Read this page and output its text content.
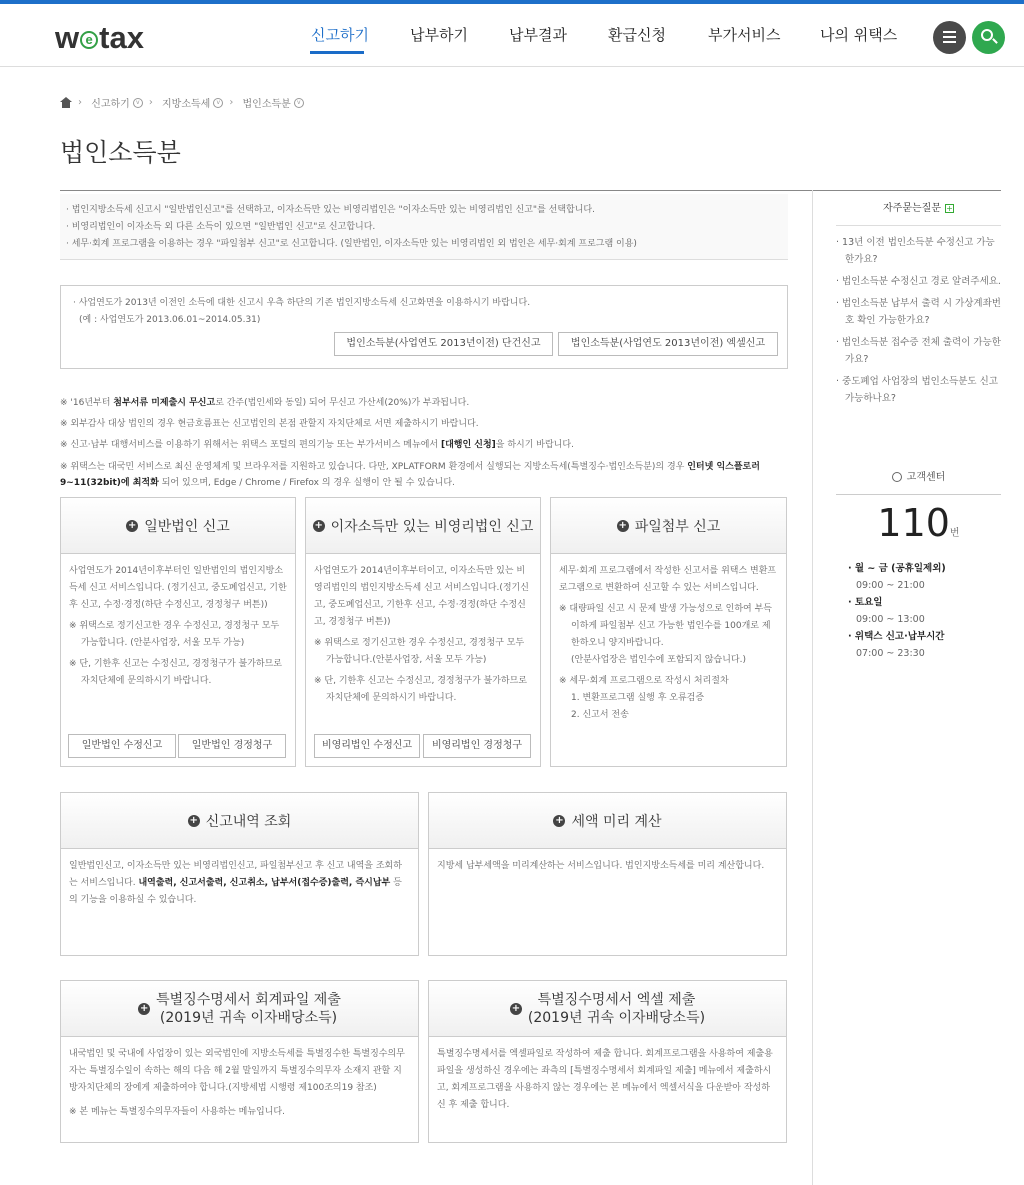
w e tax	신고하기	납부하기	납부결과	환급신청	부가서비스	나의 위택스
› 신고하기 v › 지방소득세 v › 법인소득분 v
법인소득분

· 법인지방소득세 신고시 "일반법인신고"를 선택하고, 이자소득만 있는 비영리법인은 "이자소득만 있는 비영리법인 신고"를 선택합니다.

· 비영리법인이 이자소득 외 다른 소득이 있으면 "일반법인 신고"로 신고합니다.

· 세무·회계 프로그램을 이용하는 경우 "파일첨부 신고"로 신고합니다. (일반법인, 이자소득만 있는 비영리법인 외 법인은 세무·회계 프로그램 이용)

· 사업연도가 2013년 이전인 소득에 대한 신고시 우측 하단의 기존 법인지방소득세 신고화면을 이용하시기 바랍니다.

(예 : 사업연도가 2013.06.01~2014.05.31)

법인소득분(사업연도 2013년이전) 단건신고	법인소득분(사업연도 2013년이전) 엑셀신고

※ '16년부터 첨부서류 미제출시 무신고로 간주(법인세와 동일) 되어 무신고 가산세(20%)가 부과됩니다.

※ 외부감사 대상 법인의 경우 현금흐름표는 신고법인의 본점 관할지 자치단체로 서면 제출하시기 바랍니다.

※ 신고·납부 대행서비스를 이용하기 위해서는 위택스 포털의 편의기능 또는 부가서비스 메뉴에서 [대행인 신청]을 하시기 바랍니다.

※ 위택스는 대국민 서비스로 최신 운영체계 및 브라우저를 지원하고 있습니다. 다만, XPLATFORM 환경에서 실행되는 지방소득세(특별징수·법인소득분)의 경우 인터넷 익스플로러 9~11(32bit)에 최적화 되어 있으며, Edge / Chrome / Firefox 의 경우 실행이 안 될 수 있습니다.

+ 일반법인 신고

사업연도가 2014년이후부터인 일반법인의 법인지방소득세 신고 서비스입니다. (정기신고, 중도폐업신고, 기한후 신고, 수정·경정(하단 수정신고, 경정청구 버튼))

※ 위택스로 정기신고한 경우 수정신고, 경정청구 모두 가능합니다. (안분사업장, 서울 모두 가능)

※ 단, 기한후 신고는 수정신고, 경정청구가 불가하므로 자치단체에 문의하시기 바랍니다.

일반법인 수정신고	일반법인 경정청구
+ 이자소득만 있는 비영리법인 신고

사업연도가 2014년이후부터이고, 이자소득만 있는 비영리법인의 법인지방소득세 신고 서비스입니다.(정기신고, 중도폐업신고, 기한후 신고, 수정·경정(하단 수정신고, 경정청구 버튼))

※ 위택스로 정기신고한 경우 수정신고, 경정청구 모두 가능합니다.(안분사업장, 서울 모두 가능)

※ 단, 기한후 신고는 수정신고, 경정청구가 불가하므로 자치단체에 문의하시기 바랍니다.

비영리법인 수정신고	비영리법인 경정청구
+ 파일첨부 신고

세무·회계 프로그램에서 작성한 신고서를 위택스 변환프로그램으로 변환하여 신고할 수 있는 서비스입니다.

※ 대량파일 신고 시 문제 발생 가능성으로 인하여 부득이하게 파일첨부 신고 가능한 법인수를 100개로 제한하오니 양지바랍니다.

(안분사업장은 법인수에 포함되지 않습니다.)

※ 세무·회계 프로그램으로 작성시 처리절차

1. 변환프로그램 실행 후 오류검증

2. 신고서 전송

+ 신고내역 조회
일반법인신고, 이자소득만 있는 비영리법인신고, 파일첨부신고 후 신고 내역을 조회하는 서비스입니다. 내역출력, 신고서출력, 신고취소, 납부서(접수증)출력, 즉시납부 등의 기능을 이용하실 수 있습니다.
+ 세액 미리 계산

지방세 납부세액을 미리계산하는 서비스입니다. 법인지방소득세를 미리 계산합니다.

+
특별징수명세서 회계파일 제출
(2019년 귀속 이자배당소득)

내국법인 및 국내에 사업장이 있는 외국법인에 지방소득세를 특별징수한 특별징수의무자는 특별징수일이 속하는 해의 다음 해 2월 말일까지 특별징수의무자 소재지 관할 지방자치단체의 장에게 제출하여야 합니다.(지방세법 시행령 제100조의19 참조)

※ 본 메뉴는 특별징수의무자들이 사용하는 메뉴입니다.

+
특별징수명세서 엑셀 제출
(2019년 귀속 이자배당소득)

특별징수명세서를 엑셀파일로 작성하여 제출 합니다. 회계프로그램을 사용하여 제출용 파일을 생성하신 경우에는 좌측의 [특별징수명세서 회계파일 제출] 메뉴에서 제출하시고, 회계프로그램을 사용하지 않는 경우에는 본 메뉴에서 엑셀서식을 다운받아 작성하신 후 제출 합니다.

자주묻는질문 +
· 13년 이전 법인소득분 수정신고 가능한가요?
· 법인소득분 수정신고 경로 알려주세요.
· 법인소득분 납부서 출력 시 가상계좌번호 확인 가능한가요?
· 법인소득분 접수증 전체 출력이 가능한가요?
· 중도폐업 사업장의 법인소득분도 신고 가능하나요?
고객센터
110번
· 월 ~ 금 (공휴일제외)
09:00 ~ 21:00
· 토요일
09:00 ~ 13:00
· 위택스 신고·납부시간
07:00 ~ 23:30
